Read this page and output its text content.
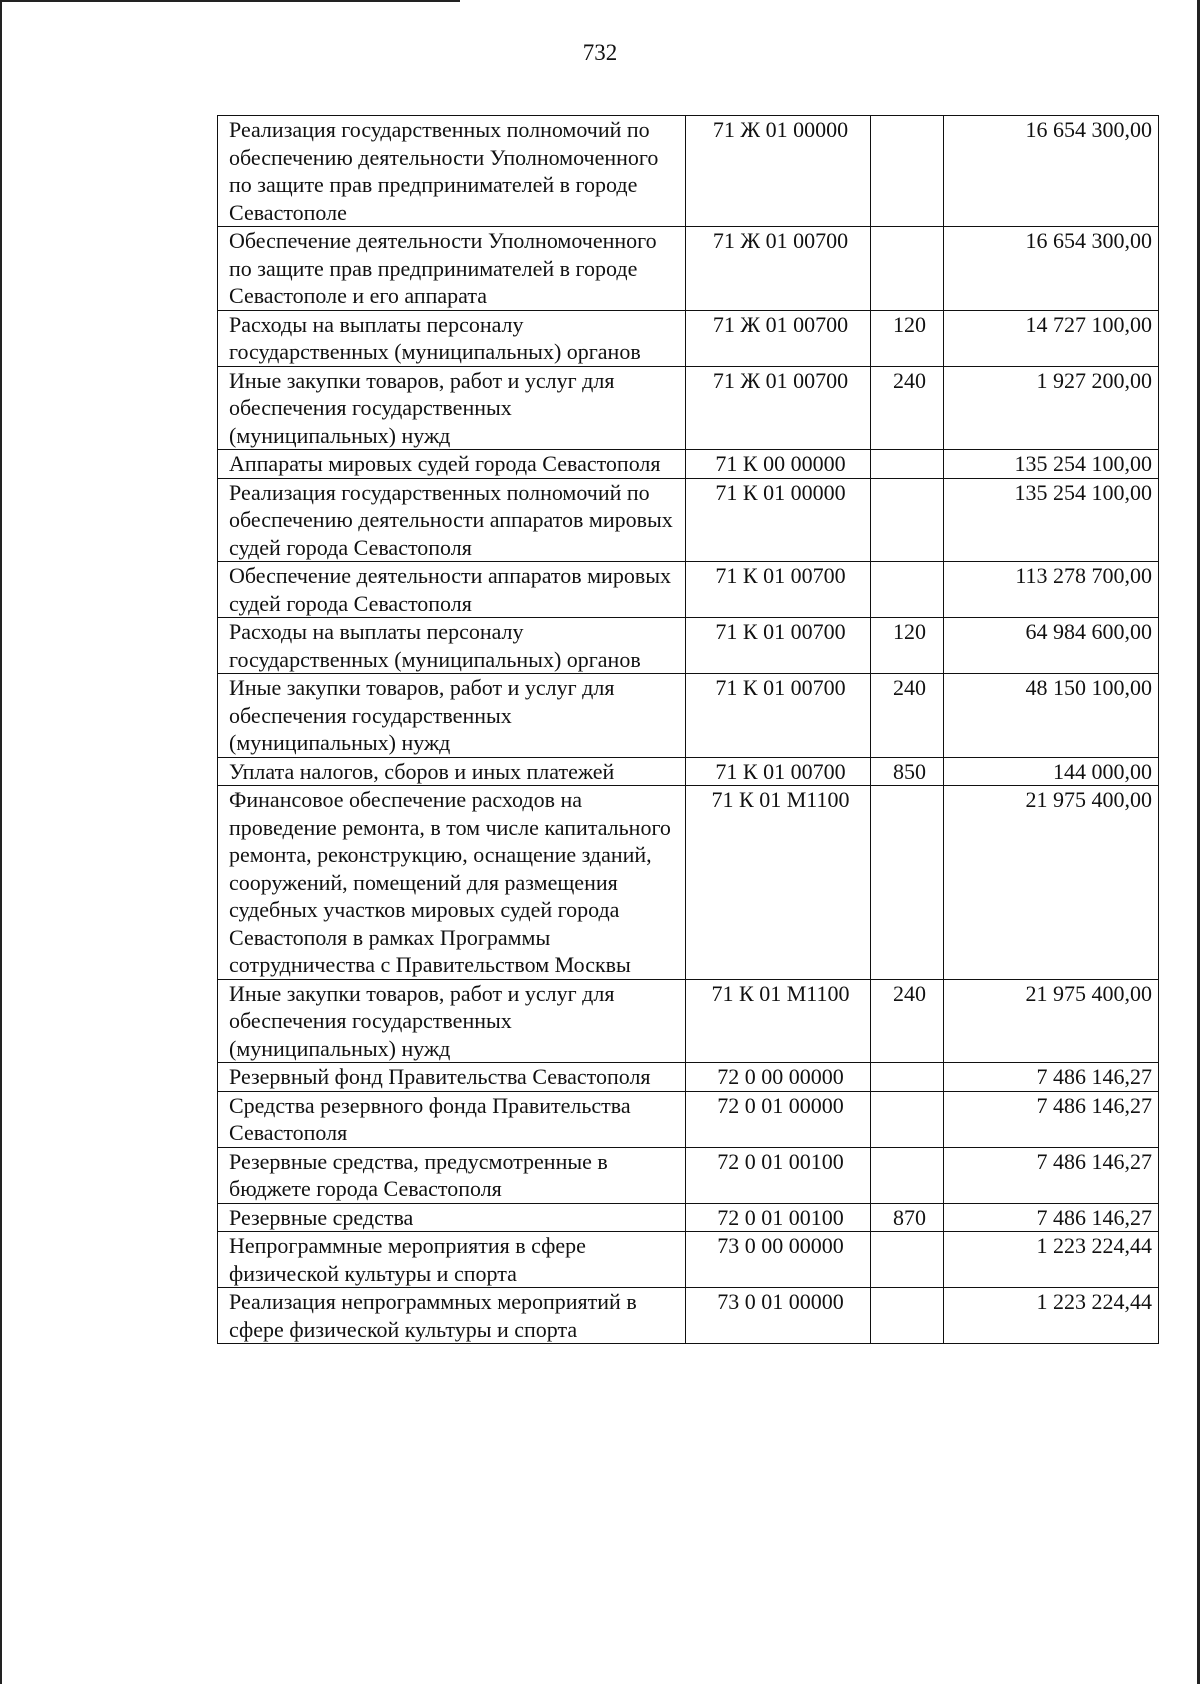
732
Реализация государственных полномочий по обеспечению деятельности Уполномоченного по защите прав предпринимателей в городе Севастополе	71 Ж 01 00000		16 654 300,00
Обеспечение деятельности Уполномоченного по защите прав предпринимателей в городе Севастополе и его аппарата	71 Ж 01 00700		16 654 300,00
Расходы на выплаты персоналу государственных (муниципальных) органов	71 Ж 01 00700	120	14 727 100,00
Иные закупки товаров, работ и услуг для обеспечения государственных (муниципальных) нужд	71 Ж 01 00700	240	1 927 200,00
Аппараты мировых судей города Севастополя	71 К 00 00000		135 254 100,00
Реализация государственных полномочий по обеспечению деятельности аппаратов мировых судей города Севастополя	71 К 01 00000		135 254 100,00
Обеспечение деятельности аппаратов мировых судей города Севастополя	71 К 01 00700		113 278 700,00
Расходы на выплаты персоналу государственных (муниципальных) органов	71 К 01 00700	120	64 984 600,00
Иные закупки товаров, работ и услуг для обеспечения государственных (муниципальных) нужд	71 К 01 00700	240	48 150 100,00
Уплата налогов, сборов и иных платежей	71 К 01 00700	850	144 000,00
Финансовое обеспечение расходов на проведение ремонта, в том числе капитального ремонта, реконструкцию, оснащение зданий, сооружений, помещений для размещения судебных участков мировых судей города Севастополя в рамках Программы сотрудничества с Правительством Москвы	71 К 01 М1100		21 975 400,00
Иные закупки товаров, работ и услуг для обеспечения государственных (муниципальных) нужд	71 К 01 М1100	240	21 975 400,00
Резервный фонд Правительства Севастополя	72 0 00 00000		7 486 146,27
Средства резервного фонда Правительства Севастополя	72 0 01 00000		7 486 146,27
Резервные средства, предусмотренные в бюджете города Севастополя	72 0 01 00100		7 486 146,27
Резервные средства	72 0 01 00100	870	7 486 146,27
Непрограммные мероприятия в сфере физической культуры и спорта	73 0 00 00000		1 223 224,44
Реализация непрограммных мероприятий в сфере физической культуры и спорта	73 0 01 00000		1 223 224,44
